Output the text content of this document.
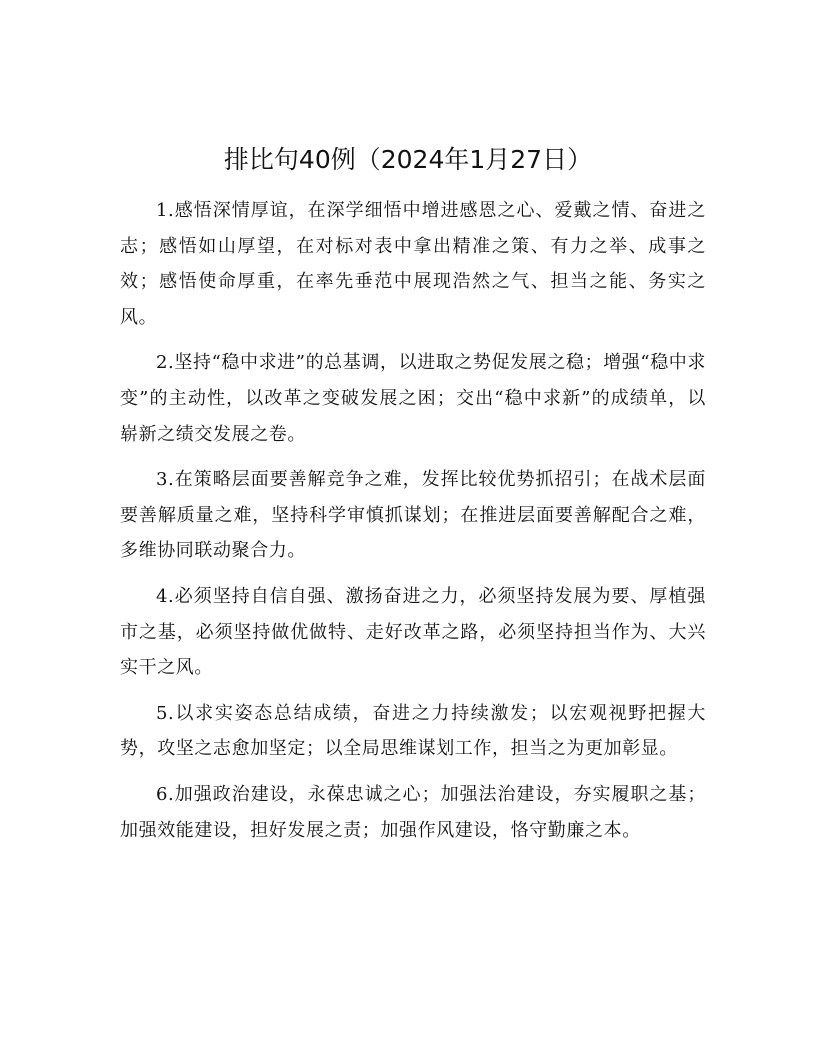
排比句40例（2024年1月27日）

1.感悟深情厚谊，在深学细悟中增进感恩之心、爱戴之情、奋进之志；感悟如山厚望，在对标对表中拿出精准之策、有力之举、成事之效；感悟使命厚重，在率先垂范中展现浩然之气、担当之能、务实之风。

2.坚持“稳中求进”的总基调，以进取之势促发展之稳；增强“稳中求变”的主动性，以改革之变破发展之困；交出“稳中求新”的成绩单，以崭新之绩交发展之卷。

3.在策略层面要善解竞争之难，发挥比较优势抓招引；在战术层面要善解质量之难，坚持科学审慎抓谋划；在推进层面要善解配合之难，多维协同联动聚合力。

4.必须坚持自信自强、激扬奋进之力，必须坚持发展为要、厚植强市之基，必须坚持做优做特、走好改革之路，必须坚持担当作为、大兴实干之风。

5.以求实姿态总结成绩，奋进之力持续激发；以宏观视野把握大势，攻坚之志愈加坚定；以全局思维谋划工作，担当之为更加彰显。

6.加强政治建设，永葆忠诚之心；加强法治建设，夯实履职之基；加强效能建设，担好发展之责；加强作风建设，恪守勤廉之本。
